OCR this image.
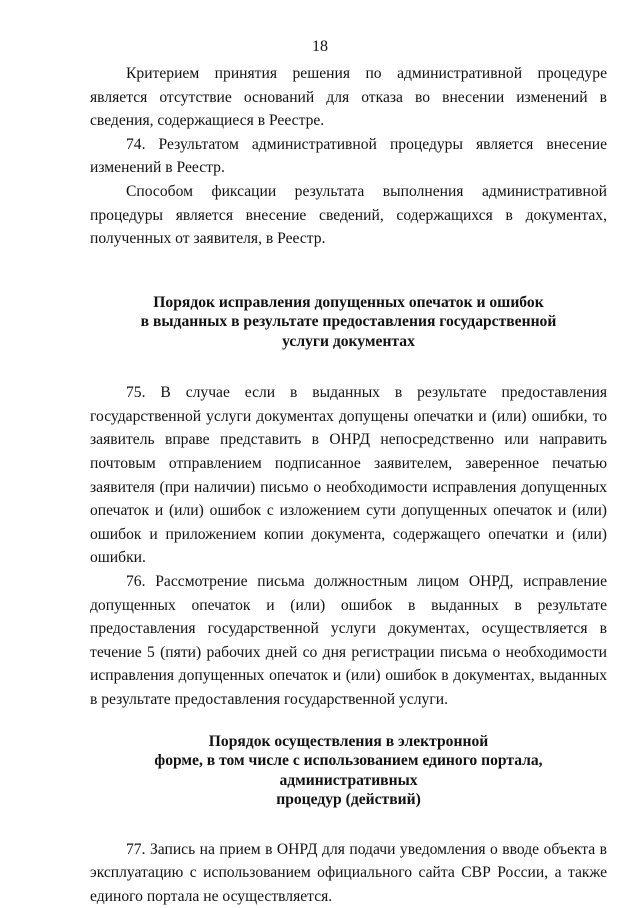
18

Критерием принятия решения по административной процедуре является отсутствие оснований для отказа во внесении изменений в сведения, содержащиеся в Реестре.

74. Результатом административной процедуры является внесение изменений в Реестр.

Способом фиксации результата выполнения административной процедуры является внесение сведений, содержащихся в документах, полученных от заявителя, в Реестр.

Порядок исправления допущенных опечаток и ошибок

в выданных в результате предоставления государственной

услуги документах

75. В случае если в выданных в результате предоставления государственной услуги документах допущены опечатки и (или) ошибки, то заявитель вправе представить в ОНРД непосредственно или направить почтовым отправлением подписанное заявителем, заверенное печатью заявителя (при наличии) письмо о необходимости исправления допущенных опечаток и (или) ошибок с изложением сути допущенных опечаток и (или) ошибок и приложением копии документа, содержащего опечатки и (или) ошибки.

76. Рассмотрение письма должностным лицом ОНРД, исправление допущенных опечаток и (или) ошибок в выданных в результате предоставления государственной услуги документах, осуществляется в течение 5 (пяти) рабочих дней со дня регистрации письма о необходимости исправления допущенных опечаток и (или) ошибок в документах, выданных в результате предоставления государственной услуги.

Порядок осуществления в электронной

форме, в том числе с использованием единого портала, административных

процедур (действий)

77. Запись на прием в ОНРД для подачи уведомления о вводе объекта в эксплуатацию с использованием официального сайта СВР России, а также единого портала не осуществляется.
